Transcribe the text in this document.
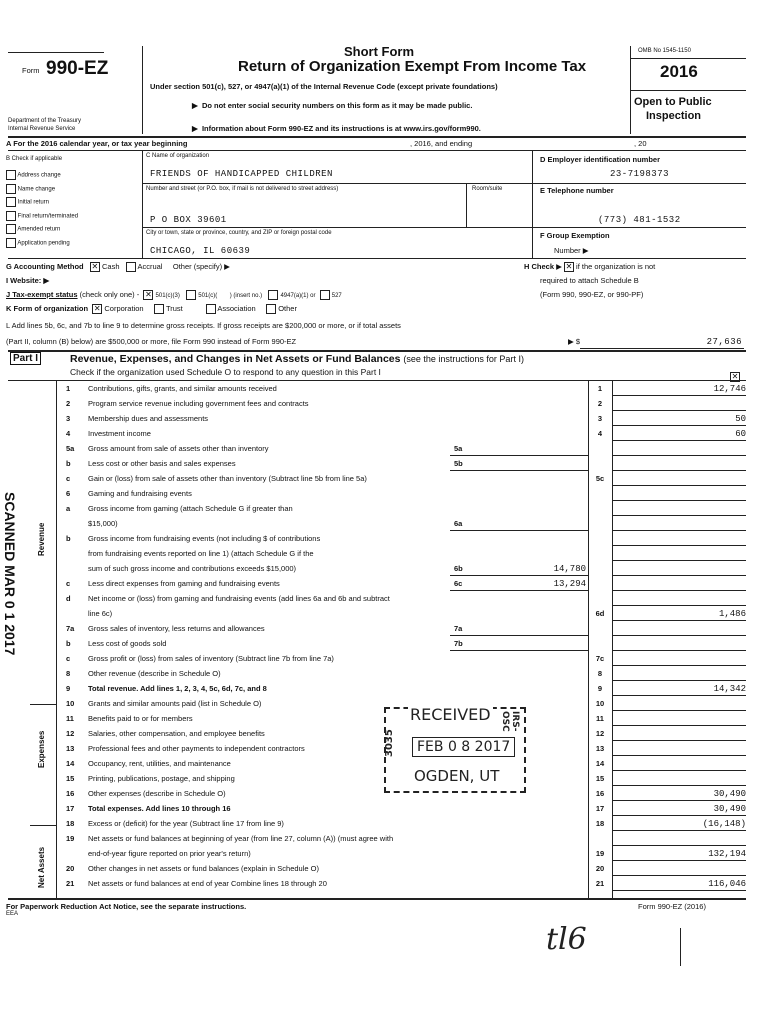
Form 990-EZ
Department of the Treasury
Internal Revenue Service
Short Form
Return of Organization Exempt From Income Tax
Under section 501(c), 527, or 4947(a)(1) of the Internal Revenue Code (except private foundations)
▶  Do not enter social security numbers on this form as it may be made public.
▶  Information about Form 990-EZ and its instructions is at www.irs.gov/form990.
OMB No 1545-1150
2016
Open to Public
Inspection
A For the 2016 calendar year, or tax year beginning	, 2016, and ending	, 20
B Check if applicable
Address change
Name change
Initial return
Final return/terminated
Amended return
Application pending
C Name of organization
FRIENDS OF HANDICAPPED CHILDREN
Number and street (or P.O. box, if mail is not delivered to street address)	Room/suite
P O BOX 39601
City or town, state or province, country, and ZIP or foreign postal code
CHICAGO, IL 60639
D Employer identification number
23-7198373
E Telephone number
(773) 481-1532
F Group Exemption
Number ▶
G Accounting Method ✕ Cash Accrual Other (specify) ▶	H Check ▶ ✕ if the organization is not
I Website: ▶	required to attach Schedule B
J Tax-exempt status (check only one) - ✕ 501(c)(3)	501(c)( ) (insert no.)	4947(a)(1) or	527	(Form 990, 990-EZ, or 990-PF)
K Form of organization ✕ Corporation	Trust	Association	Other
L Add lines 5b, 6c, and 7b to line 9 to determine gross receipts. If gross receipts are $200,000 or more, or if total assets
(Part II, column (B) below) are $500,000 or more, file Form 990 instead of Form 990-EZ	▶ $	27,636
Part I	Revenue, Expenses, and Changes in Net Assets or Fund Balances (see the instructions for Part I)
Check if the organization used Schedule O to respond to any question in this Part I	✕
Revenue
Expenses
Net Assets
1	Contributions, gifts, grants, and similar amounts received	1	12,746
2	Program service revenue including government fees and contracts	2
3	Membership dues and assessments	3	50
4	Investment income	4	60
5a	Gross amount from sale of assets other than inventory	5a
b	Less cost or other basis and sales expenses	5b
c	Gain or (loss) from sale of assets other than inventory (Subtract line 5b from line 5a)	5c
6	Gaming and fundraising events
a	Gross income from gaming (attach Schedule G if greater than
$15,000)	6a
b	Gross income from fundraising events (not including $ of contributions
from fundraising events reported on line 1) (attach Schedule G if the
sum of such gross income and contributions exceeds $15,000)	6b	14,780
c	Less direct expenses from gaming and fundraising events	6c	13,294
d	Net income or (loss) from gaming and fundraising events (add lines 6a and 6b and subtract
line 6c)	6d	1,486
7a	Gross sales of inventory, less returns and allowances	7a
b	Less cost of goods sold	7b
c	Gross profit or (loss) from sales of inventory (Subtract line 7b from line 7a)	7c
8	Other revenue (describe in Schedule O)	8
9	Total revenue. Add lines 1, 2, 3, 4, 5c, 6d, 7c, and 8	9	14,342
10	Grants and similar amounts paid (list in Schedule O)	10
11	Benefits paid to or for members	11
12	Salaries, other compensation, and employee benefits	12
13	Professional fees and other payments to independent contractors	13
14	Occupancy, rent, utilities, and maintenance	14
15	Printing, publications, postage, and shipping	15
16	Other expenses (describe in Schedule O)	16	30,490
17	Total expenses. Add lines 10 through 16	17	30,490
18	Excess or (deficit) for the year (Subtract line 17 from line 9)	18	(16,148)
19	Net assets or fund balances at beginning of year (from line 27, column (A)) (must agree with
end-of-year figure reported on prior year's return)	19	132,194
20	Other changes in net assets or fund balances (explain in Schedule O)	20
21	Net assets or fund balances at end of year Combine lines 18 through 20	21	116,046
For Paperwork Reduction Act Notice, see the separate instructions.
EEA
Form 990-EZ (2016)
SCANNED MAR 0 1 2017
RECEIVED
3035	FEB 0 8 2017
IRS-OSC
OGDEN, UT
tl6
